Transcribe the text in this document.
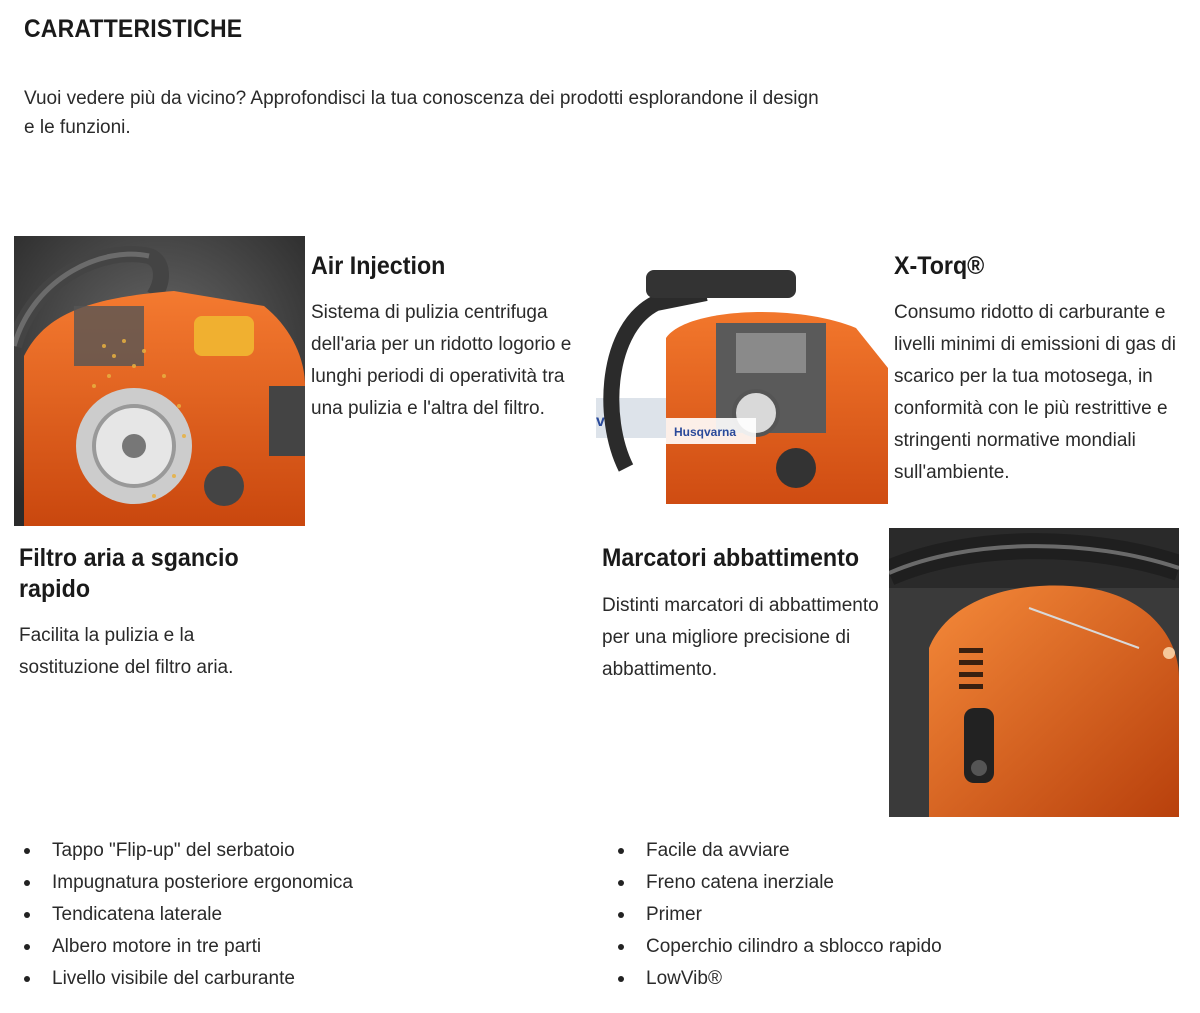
CARATTERISTICHE

Vuoi vedere più da vicino? Approfondisci la tua conoscenza dei prodotti esplorandone il design e le funzioni.

Air Injection

Sistema di pulizia centrifuga dell'aria per un ridotto logorio e lunghi periodi di operatività tra una pulizia e l'altra del filtro.

var
Husqvarna
X-Torq®

Consumo ridotto di carburante e livelli minimi di emissioni di gas di scarico per la tua motosega, in conformità con le più restrittive e stringenti normative mondiali sull'ambiente.

Filtro aria a sgancio rapido

Facilita la pulizia e la sostituzione del filtro aria.

Marcatori abbattimento

Distinti marcatori di abbattimento per una migliore precisione di abbattimento.

Tappo "Flip-up" del serbatoio
Impugnatura posteriore ergonomica
Tendicatena laterale
Albero motore in tre parti
Livello visibile del carburante
Facile da avviare
Freno catena inerziale
Primer
Coperchio cilindro a sblocco rapido
LowVib®
